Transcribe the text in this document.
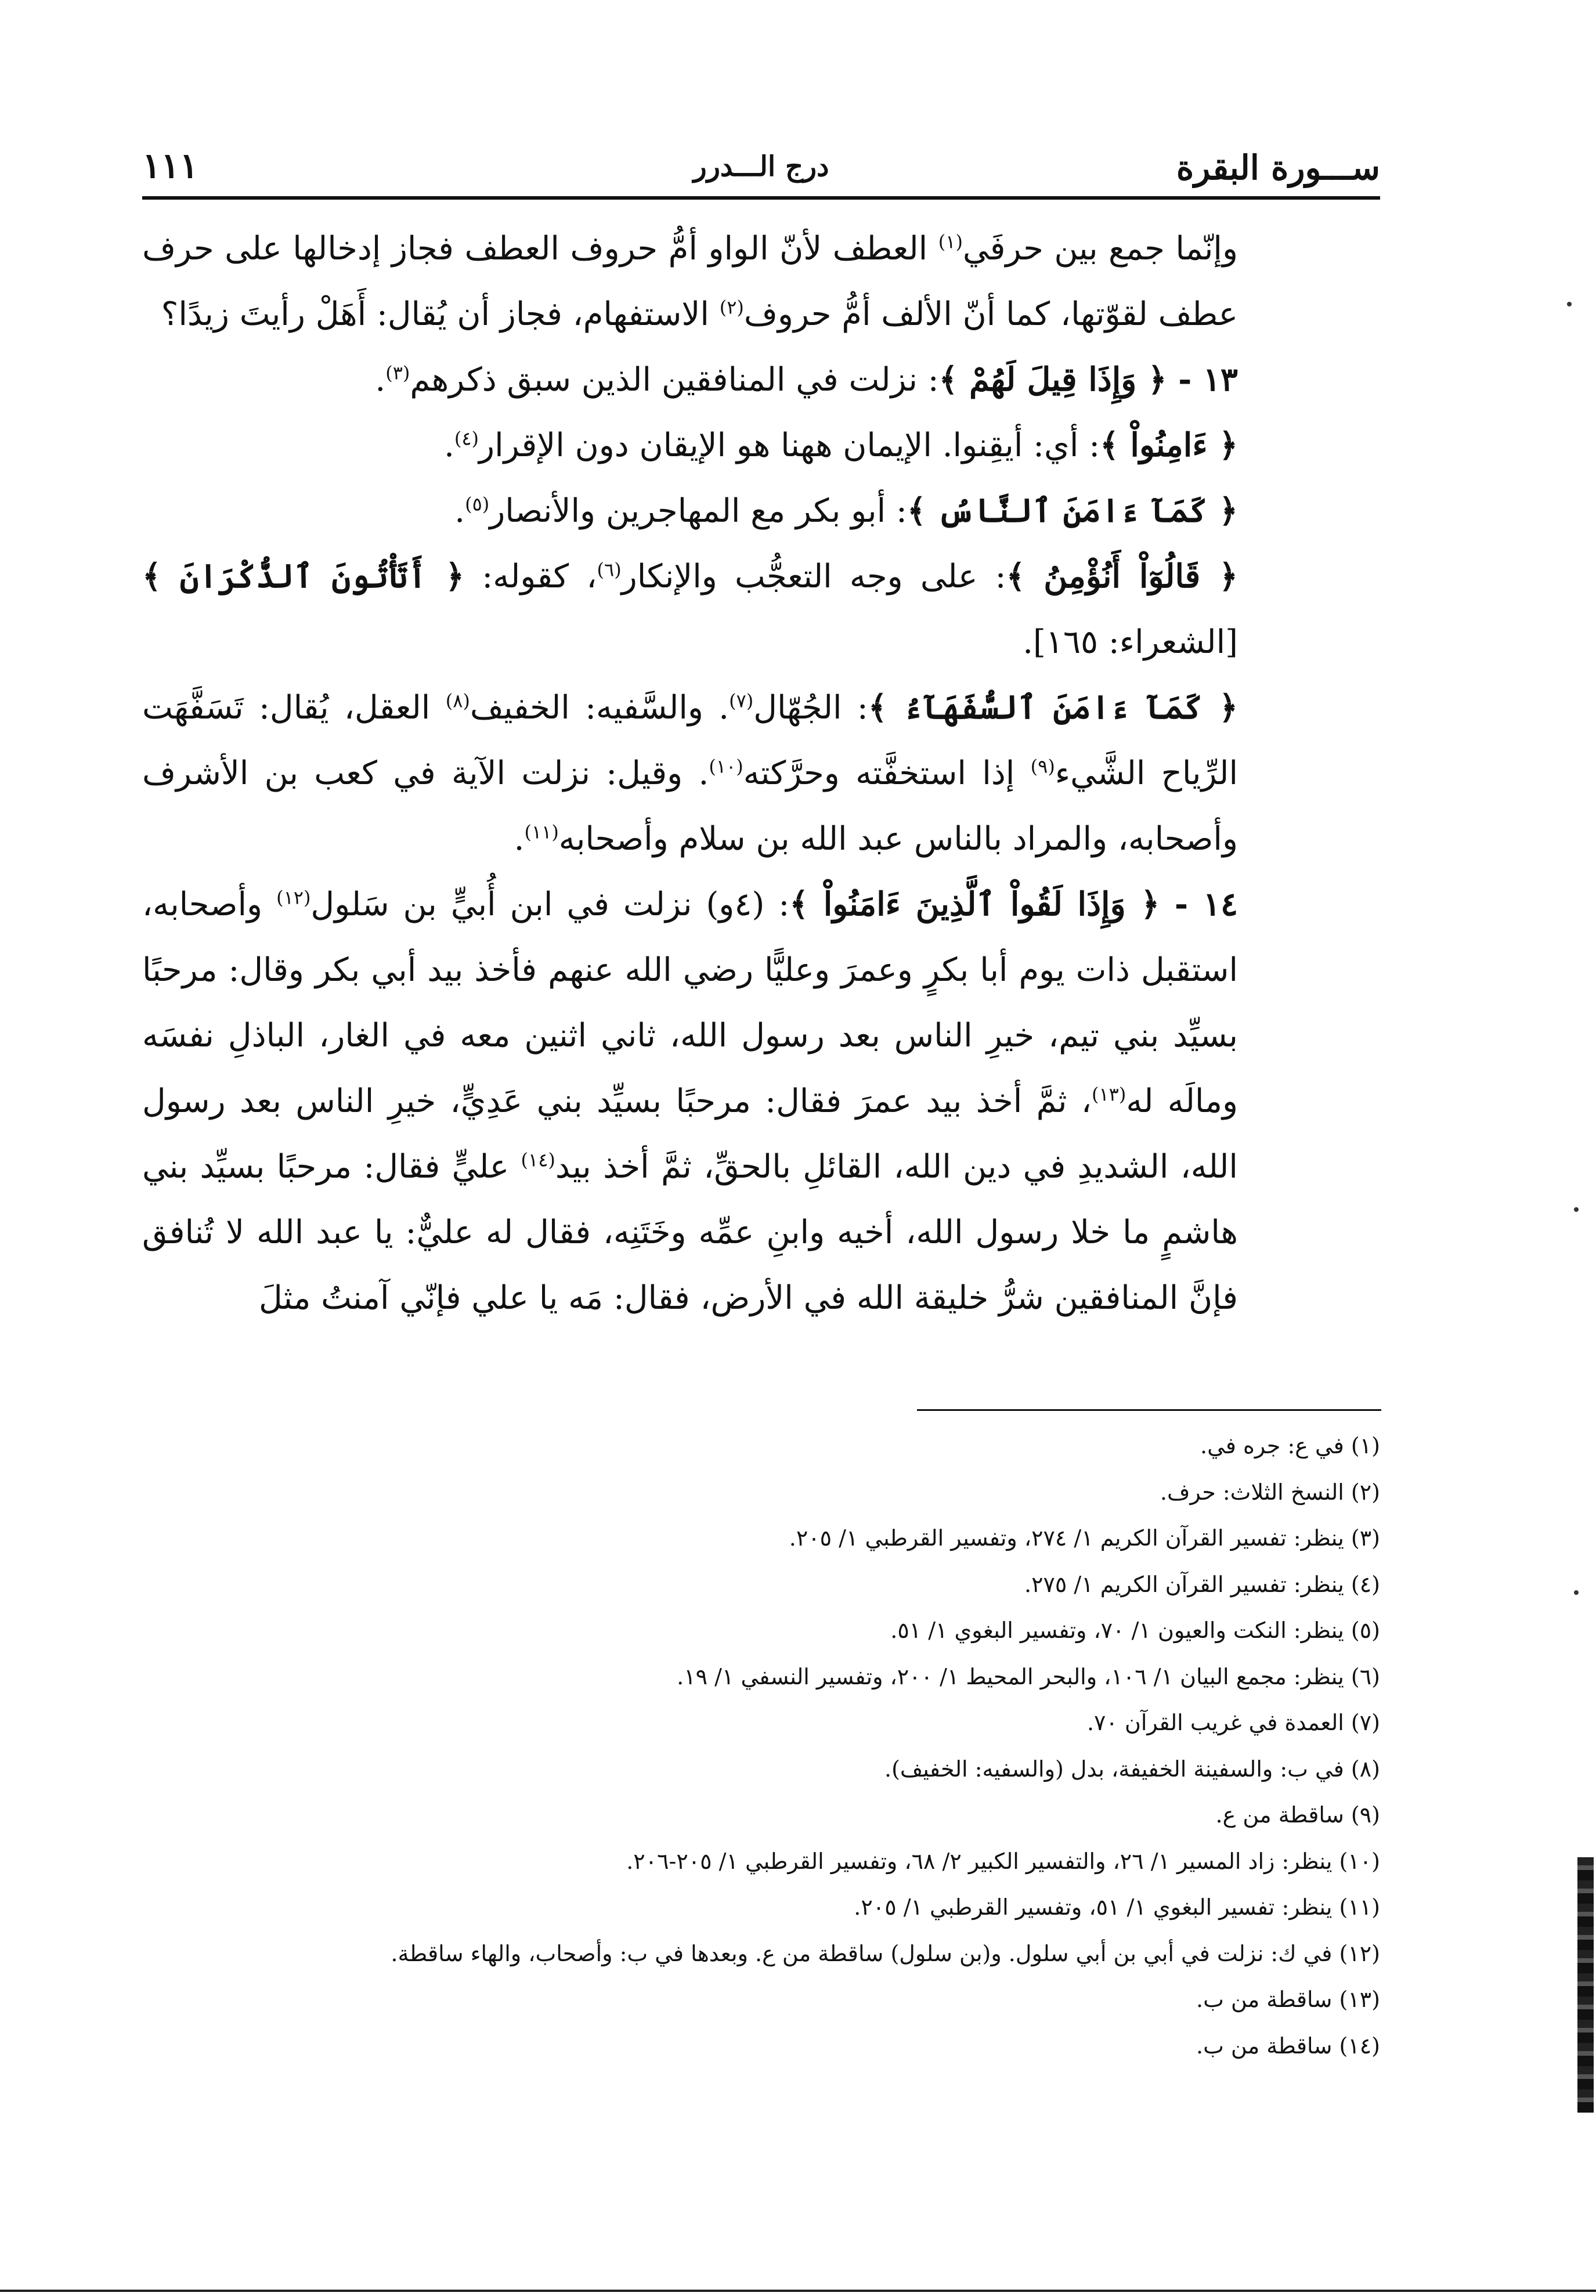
ســـورة البقرة
درج الـــدرر
١١١

وإنّما جمع بين حرفَي$^{(١)}$ العطف لأنّ الواو أمُّ حروف العطف فجاز إدخالها على حرف عطف لقوّتها، كما أنّ الألف أمُّ حروف$^{(٢)}$ الاستفهام، فجاز أن يُقال: أَهَلْ رأيتَ زيدًا؟

١٣ - ﴿ وَإِذَا قِيلَ لَهُمْ ﴾: نزلت في المنافقين الذين سبق ذكرهم$^{(٣)}$.

﴿ ءَامِنُواْ ﴾: أي: أيقِنوا. الإيمان ههنا هو الإيقان دون الإقرار$^{(٤)}$.

﴿ كَمَآ ءَامَنَ ٱلنَّاسُ ﴾: أبو بكر مع المهاجرين والأنصار$^{(٥)}$.

﴿ قَالُوٓاْ أَنُؤْمِنُ ﴾: على وجه التعجُّب والإنكار$^{(٦)}$، كقوله: ﴿ أَتَأْتُونَ ٱلذُّكْرَانَ ﴾ [الشعراء: ١٦٥].

﴿ كَمَآ ءَامَنَ ٱلسُّفَهَآءُ ﴾: الجُهّال$^{(٧)}$. والسَّفيه: الخفيف$^{(٨)}$ العقل، يُقال: تَسَفَّهَت الرِّياح الشَّيء$^{(٩)}$ إذا استخفَّته وحرَّكته$^{(١٠)}$. وقيل: نزلت الآية في كعب بن الأشرف وأصحابه، والمراد بالناس عبد الله بن سلام وأصحابه$^{(١١)}$.

١٤ - ﴿ وَإِذَا لَقُواْ ٱلَّذِينَ ءَامَنُواْ ﴾: (٤و) نزلت في ابن أُبيٍّ بن سَلول$^{(١٢)}$ وأصحابه، استقبل ذات يوم أبا بكرٍ وعمرَ وعليًّا رضي الله عنهم فأخذ بيد أبي بكر وقال: مرحبًا بسيِّد بني تيم، خيرِ الناس بعد رسول الله، ثاني اثنين معه في الغار، الباذلِ نفسَه ومالَه له$^{(١٣)}$، ثمَّ أخذ بيد عمرَ فقال: مرحبًا بسيِّد بني عَدِيٍّ، خيرِ الناس بعد رسول الله، الشديدِ في دين الله، القائلِ بالحقِّ، ثمَّ أخذ بيد$^{(١٤)}$ عليٍّ فقال: مرحبًا بسيِّد بني هاشمٍ ما خلا رسول الله، أخيه وابنِ عمِّه وخَتَنِه، فقال له عليٌّ: يا عبد الله لا تُنافق فإنَّ المنافقين شرُّ خليقة الله في الأرض، فقال: مَه يا علي فإنّي آمنتُ مثلَ

(١) في ع: جره في.
(٢) النسخ الثلاث: حرف.
(٣) ينظر: تفسير القرآن الكريم ١/ ٢٧٤، وتفسير القرطبي ١/ ٢٠٥.
(٤) ينظر: تفسير القرآن الكريم ١/ ٢٧٥.
(٥) ينظر: النكت والعيون ١/ ٧٠، وتفسير البغوي ١/ ٥١.
(٦) ينظر: مجمع البيان ١/ ١٠٦، والبحر المحيط ١/ ٢٠٠، وتفسير النسفي ١/ ١٩.
(٧) العمدة في غريب القرآن ٧٠.
(٨) في ب: والسفينة الخفيفة، بدل (والسفيه: الخفيف).
(٩) ساقطة من ع.
(١٠) ينظر: زاد المسير ١/ ٢٦، والتفسير الكبير ٢/ ٦٨، وتفسير القرطبي ١/ ٢٠٥-٢٠٦.
(١١) ينظر: تفسير البغوي ١/ ٥١، وتفسير القرطبي ١/ ٢٠٥.
(١٢) في ك: نزلت في أبي بن أبي سلول. و(بن سلول) ساقطة من ع. وبعدها في ب: وأصحاب، والهاء ساقطة.
(١٣) ساقطة من ب.
(١٤) ساقطة من ب.
